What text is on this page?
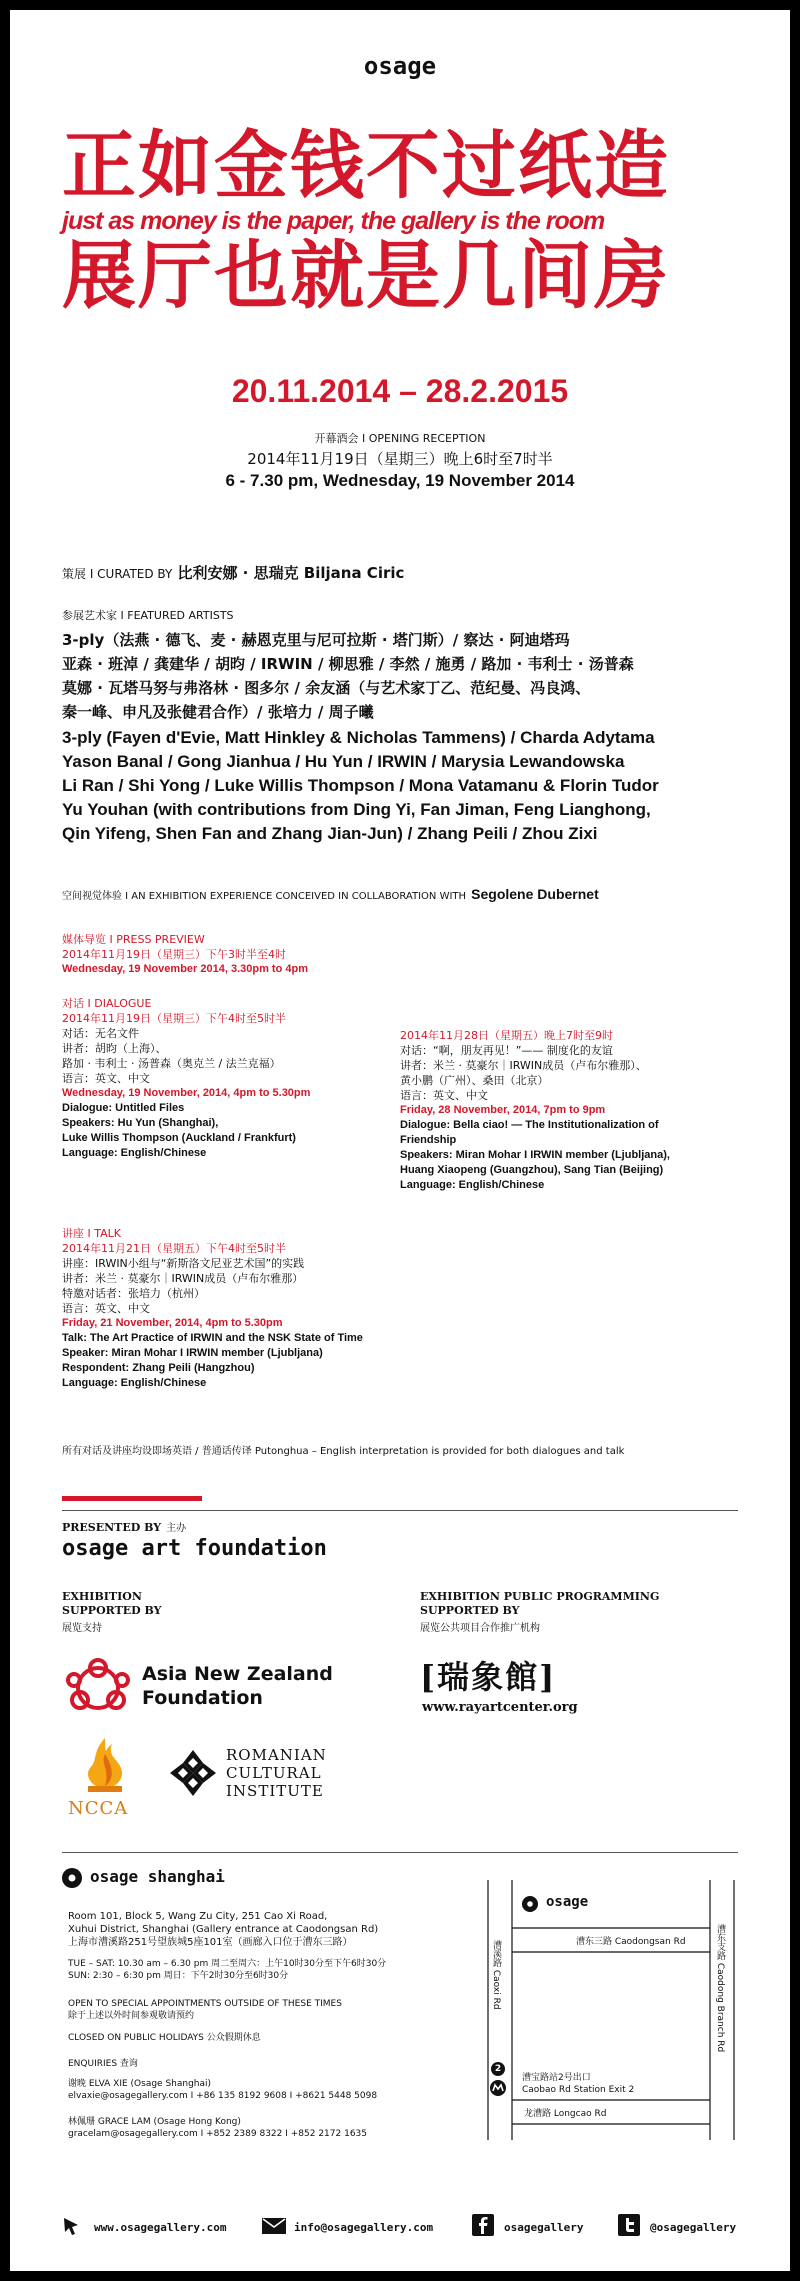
osage
正如金钱不过纸造
just as money is the paper, the gallery is the room
展厅也就是几间房
20.11.2014 – 28.2.2015
开幕酒会 I OPENING RECEPTION
2014年11月19日（星期三）晚上6时至7时半
6 - 7.30 pm, Wednesday, 19 November 2014
策展 I CURATED BY 比利安娜 · 思瑞克 Biljana Ciric
参展艺术家 I FEATURED ARTISTS
3-ply（法燕 · 德飞、麦 · 赫恩克里与尼可拉斯 · 塔门斯）/ 察达 · 阿迪塔玛
亚森 · 班淖 / 龚建华 / 胡昀 / IRWIN / 柳思雅 / 李然 / 施勇 / 路加 · 韦利士 · 汤普森
莫娜 · 瓦塔马努与弗洛林 · 图多尔 / 余友涵（与艺术家丁乙、范纪曼、冯良鸿、
秦一峰、申凡及张健君合作）/ 张培力 / 周子曦
3-ply (Fayen d'Evie, Matt Hinkley & Nicholas Tammens) / Charda Adytama
Yason Banal / Gong Jianhua / Hu Yun / IRWIN / Marysia Lewandowska
Li Ran / Shi Yong / Luke Willis Thompson / Mona Vatamanu & Florin Tudor
Yu Youhan (with contributions from Ding Yi, Fan Jiman, Feng Lianghong,
Qin Yifeng, Shen Fan and Zhang Jian-Jun) / Zhang Peili / Zhou Zixi
空间视觉体验 I AN EXHIBITION EXPERIENCE CONCEIVED IN COLLABORATION WITH Segolene Dubernet
媒体导览 I PRESS PREVIEW
2014年11月19日（星期三）下午3时半至4时
Wednesday, 19 November 2014, 3.30pm to 4pm
对话 I DIALOGUE
2014年11月19日（星期三）下午4时至5时半
对话：无名文件
讲者：胡昀（上海）、
路加 · 韦利士 · 汤普森（奥克兰 / 法兰克福）
语言：英文、中文
Wednesday, 19 November, 2014, 4pm to 5.30pm
Dialogue: Untitled Files
Speakers: Hu Yun (Shanghai),
Luke Willis Thompson (Auckland / Frankfurt)
Language: English/Chinese
2014年11月28日（星期五）晚上7时至9时
对话：“啊，朋友再见！”—— 制度化的友谊
讲者：米兰 · 莫豪尔｜IRWIN成员（卢布尔雅那）、
黄小鹏（广州）、桑田（北京）
语言：英文、中文
Friday, 28 November, 2014, 7pm to 9pm
Dialogue: Bella ciao! — The Institutionalization of
Friendship
Speakers: Miran Mohar I IRWIN member (Ljubljana),
Huang Xiaopeng (Guangzhou), Sang Tian (Beijing)
Language: English/Chinese
讲座 I TALK
2014年11月21日（星期五）下午4时至5时半
讲座：IRWIN小组与“新斯洛文尼亚艺术国”的实践
讲者：米兰 · 莫豪尔｜IRWIN成员（卢布尔雅那）
特邀对话者：张培力（杭州）
语言：英文、中文
Friday, 21 November, 2014, 4pm to 5.30pm
Talk: The Art Practice of IRWIN and the NSK State of Time
Speaker: Miran Mohar I IRWIN member (Ljubljana)
Respondent: Zhang Peili (Hangzhou)
Language: English/Chinese
所有对话及讲座均设即场英语 / 普通话传译 Putonghua – English interpretation is provided for both dialogues and talk
PRESENTED BY 主办
osage art foundation
EXHIBITION
SUPPORTED BY
展览支持
Asia New Zealand
Foundation
NCCA
ROMANIAN
CULTURAL
INSTITUTE
EXHIBITION PUBLIC PROGRAMMING
SUPPORTED BY
展览公共项目合作推广机构
[瑞象館]
www.rayartcenter.org
osage shanghai
Room 101, Block 5, Wang Zu City, 251 Cao Xi Road,
Xuhui District, Shanghai (Gallery entrance at Caodongsan Rd)
上海市漕溪路251号望族城5座101室（画廊入口位于漕东三路）
TUE – SAT: 10.30 am – 6.30 pm 周二至周六：上午10时30分至下午6时30分
SUN: 2:30 – 6:30 pm 周日：下午2时30分至6时30分
OPEN TO SPECIAL APPOINTMENTS OUTSIDE OF THESE TIMES
除于上述以外时间参观敬请预约
CLOSED ON PUBLIC HOLIDAYS 公众假期休息
ENQUIRIES 查询
谢晚 ELVA XIE (Osage Shanghai)
elvaxie@osagegallery.com I +86 135 8192 9608 I +8621 5448 5098
林佩珊 GRACE LAM (Osage Hong Kong)
gracelam@osagegallery.com I +852 2389 8322 I +852 2172 1635
osage
漕东三路 Caodongsan Rd
漕溪路 Caoxi Rd	漕东支路 Caodong Branch Rd
2
漕宝路站2号出口
Caobao Rd Station Exit 2
龙漕路 Longcao Rd
www.osagegallery.com	info@osagegallery.com	osagegallery	@osagegallery
